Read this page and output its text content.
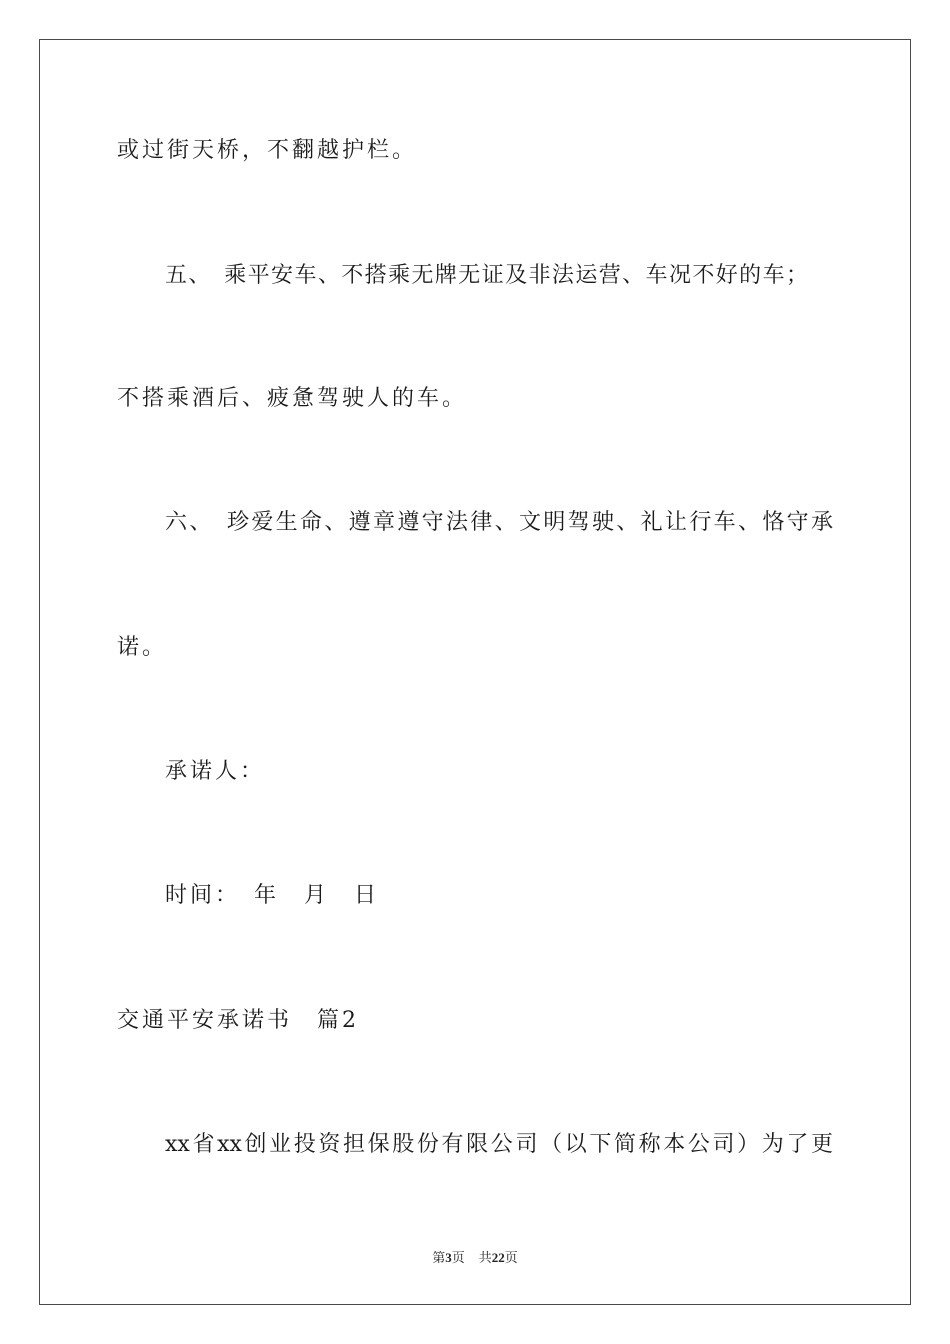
或过街天桥，不翻越护栏。
五、　乘平安车、不搭乘无牌无证及非法运营、车况不好的车；
不搭乘酒后、疲惫驾驶人的车。
六、　珍爱生命、遵章遵守法律、文明驾驶、礼让行车、恪守承
诺。
承诺人：
时间：　年　月　日
交通平安承诺书　篇2
xx省xx创业投资担保股份有限公司（以下简称本公司）为了更
第3页 共22页
